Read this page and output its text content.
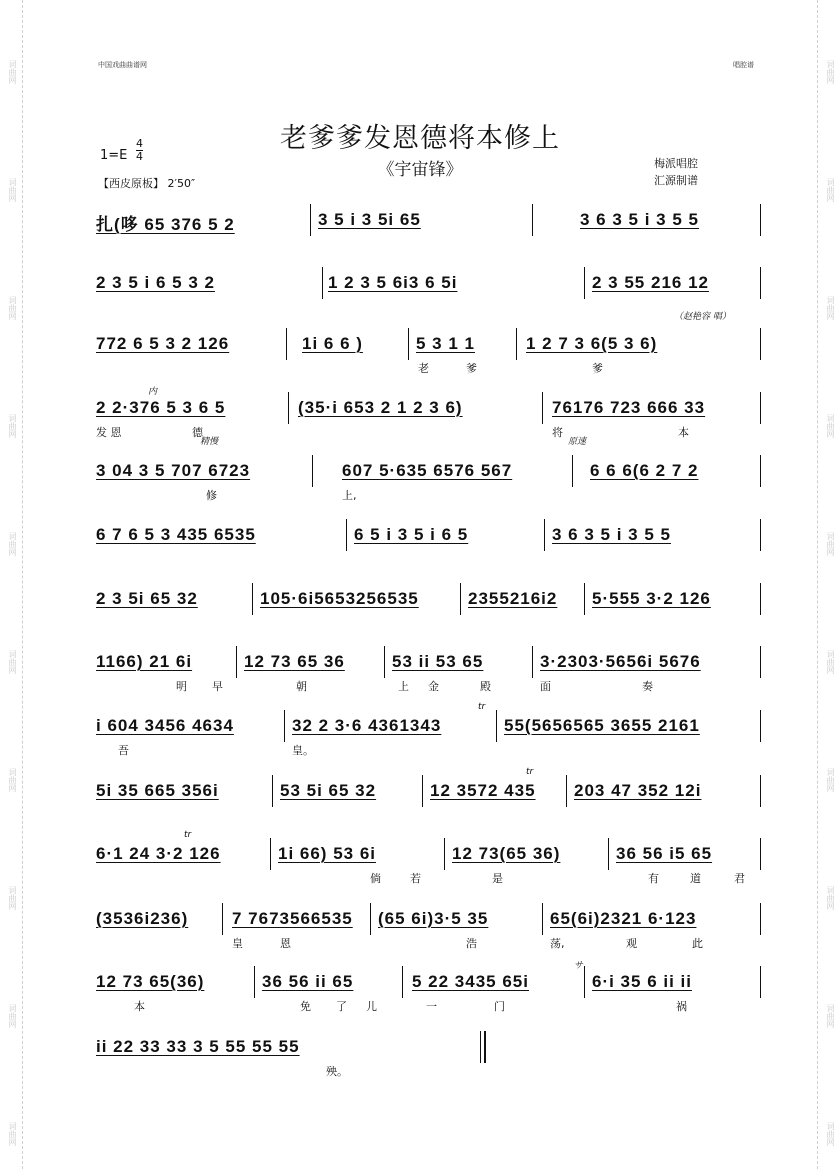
词曲网
词曲网
词曲网
词曲网
词曲网
词曲网
词曲网
词曲网
词曲网
词曲网
词曲网
词曲网
词曲网
词曲网
词曲网
词曲网
词曲网
词曲网
词曲网
词曲网
中国戏曲曲谱网	唱腔谱
1=E
4
4
老爹爹发恩德将本修上
《宇宙锋》
【西皮原板】 2′50″
梅派唱腔
汇源制谱
扎(哆 65 376 5 2	3 5 i 3 5i 65	3 6 3 5 i 3 5 5
2 3 5 i 6 5 3 2	1 2 3 5 6i3 6 5i	2 3 55 216 12
（赵艳容 唱）
772 6 5 3 2 126	1i 6 6 )	5 3 1 1	1 2 7 3 6(5 3 6)
老	爹	爹
2 2·376 5 3 6 5	(35·i 653 2 1 2 3 6)	76176 723 666 33
发 恩	德	将	本
内
精慢	原速
3 04 3 5 707 6723	607 5·635 6576 567	6 6 6(6 2 7 2
修	上,
6 7 6 5 3 435 6535	6 5 i 3 5 i 6 5	3 6 3 5 i 3 5 5
2 3 5i 65 32	105·6i5653256535	2355216i2 5·555 3·2 126
1166) 21 6i	12 73 65 36	53 ii 53 65	3·2303·5656i 5676
明 早	朝	上 金	殿	面	奏
i 604 3456 4634	32 2 3·6 4361343	55(5656565 3655 2161
吾	皇。
tr
5i 35 665 356i	53 5i 65 32	12 3572 435 203 47 352 12i
tr
6·1 24 3·2 126	1i 66) 53 6i	12 73(65 36)	36 56 i5 65
倘	若	是	有	道	君
tr
(3536i236)	7 7673566535 (65 6i)3·5 35	65(6i)2321 6·123
皇	恩	浩	荡,	观	此
12 73 65(36)	36 56 ii 65	5 22 3435 65i	6·i 35 6 ii ii
本	免 了 儿	一	门	祸
サ
ii 22 33 33 3 5 55 55 55
殃。
